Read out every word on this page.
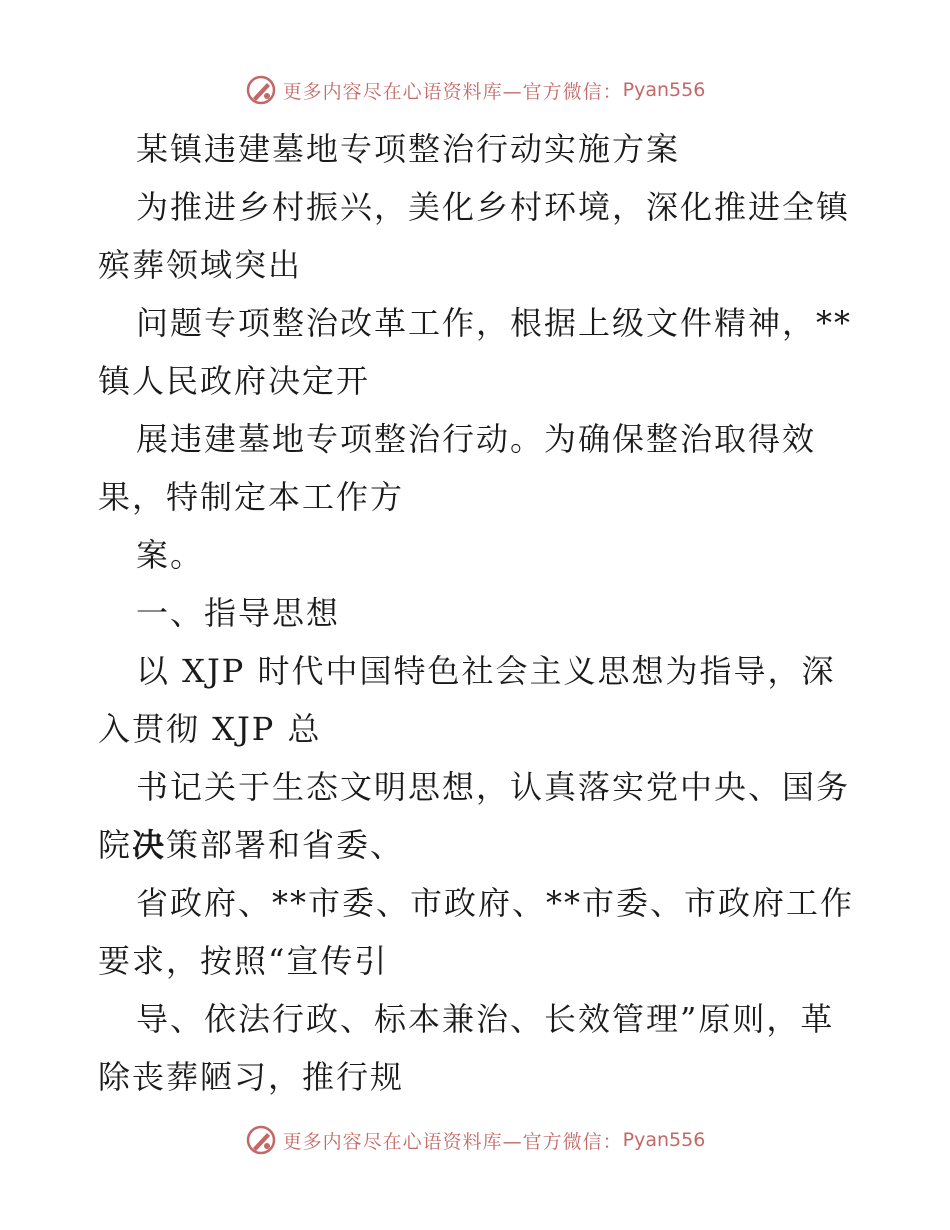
更多内容尽在心语资料库—官方微信： Pyan556
某镇违建墓地专项整治行动实施方案
为推进乡村振兴，美化乡村环境，深化推进全镇
殡葬领域突出
问题专项整治改革工作，根据上级文件精神，**
镇人民政府决定开
展违建墓地专项整治行动。为确保整治取得效
果，特制定本工作方
案。
一、指导思想
以 XJP 时代中国特色社会主义思想为指导，深
入贯彻 XJP 总
书记关于生态文明思想，认真落实党中央、国务
院决策部署和省委、
省政府、**市委、市政府、**市委、市政府工作
要求，按照“宣传引
导、依法行政、标本兼治、长效管理”原则，革
除丧葬陋习，推行规
更多内容尽在心语资料库—官方微信： Pyan556
